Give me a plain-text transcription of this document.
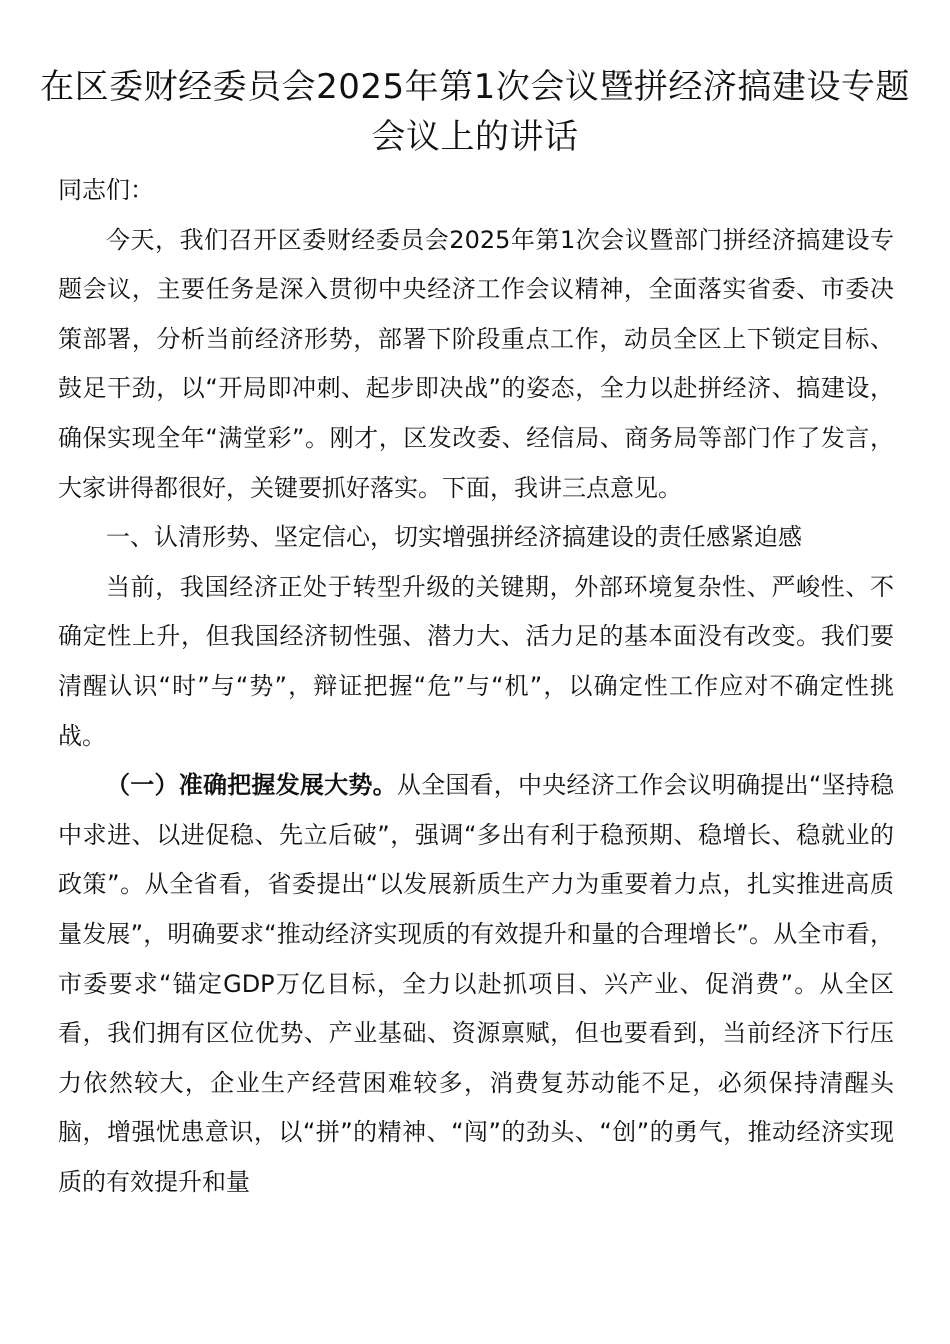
在区委财经委员会2025年第1次会议暨拼经济搞建设专题会议上的讲话

同志们：

今天，我们召开区委财经委员会2025年第1次会议暨部门拼经济搞建设专题会议，主要任务是深入贯彻中央经济工作会议精神，全面落实省委、市委决策部署，分析当前经济形势，部署下阶段重点工作，动员全区上下锁定目标、鼓足干劲，以“开局即冲刺、起步即决战”的姿态，全力以赴拼经济、搞建设，确保实现全年“满堂彩”。刚才，区发改委、经信局、商务局等部门作了发言，大家讲得都很好，关键要抓好落实。下面，我讲三点意见。

一、认清形势、坚定信心，切实增强拼经济搞建设的责任感紧迫感

当前，我国经济正处于转型升级的关键期，外部环境复杂性、严峻性、不确定性上升，但我国经济韧性强、潜力大、活力足的基本面没有改变。我们要清醒认识“时”与“势”，辩证把握“危”与“机”，以确定性工作应对不确定性挑战。

（一）准确把握发展大势。从全国看，中央经济工作会议明确提出“坚持稳中求进、以进促稳、先立后破”，强调“多出有利于稳预期、稳增长、稳就业的政策”。从全省看，省委提出“以发展新质生产力为重要着力点，扎实推进高质量发展”，明确要求“推动经济实现质的有效提升和量的合理增长”。从全市看，市委要求“锚定GDP万亿目标，全力以赴抓项目、兴产业、促消费”。从全区看，我们拥有区位优势、产业基础、资源禀赋，但也要看到，当前经济下行压力依然较大，企业生产经营困难较多，消费复苏动能不足，必须保持清醒头脑，增强忧患意识，以“拼”的精神、“闯”的劲头、“创”的勇气，推动经济实现质的有效提升和量
